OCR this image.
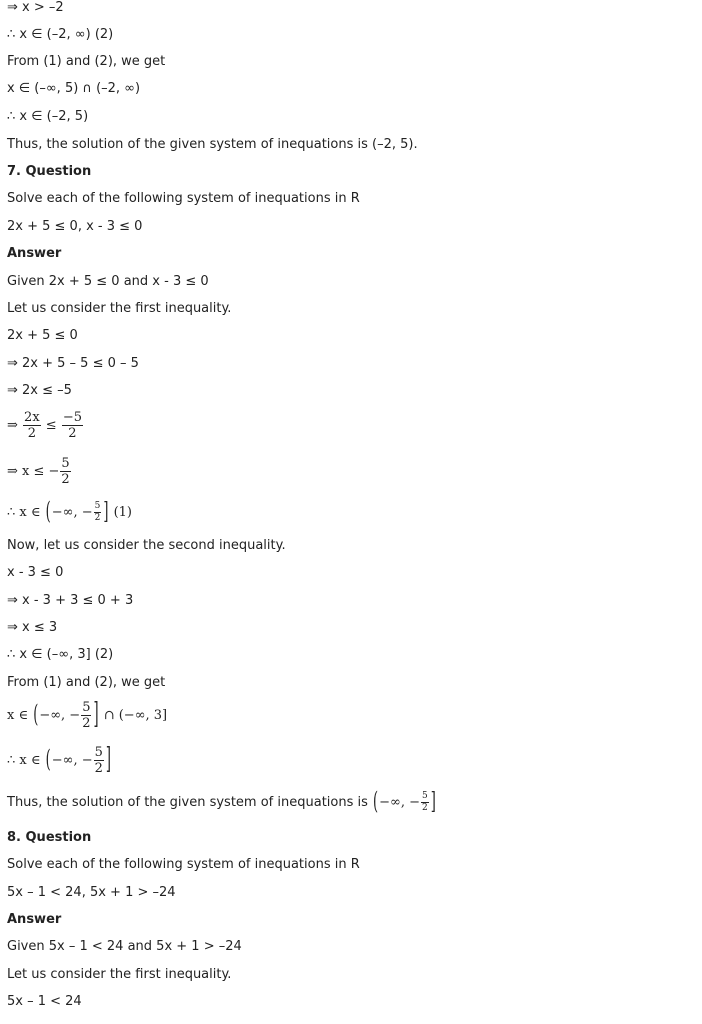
⇒ x > –2
∴ x ∈ (–2, ∞) (2)
From (1) and (2), we get
x ∈ (–∞, 5) ∩ (–2, ∞)
∴ x ∈ (–2, 5)
Thus, the solution of the given system of inequations is (–2, 5).
7. Question
Solve each of the following system of inequations in R
2x + 5 ≤ 0, x - 3 ≤ 0
Answer
Given 2x + 5 ≤ 0 and x - 3 ≤ 0
Let us consider the first inequality.
2x + 5 ≤ 0
⇒ 2x + 5 – 5 ≤ 0 – 5
⇒ 2x ≤ –5
⇒ $\frac{2x}{2} \le \frac{-5}{2}$
⇒ x ≤ − $\frac{5}{2}$
∴ x ∈ (−∞, − $\frac{5}{2}$ ] (1)
Now, let us consider the second inequality.
x - 3 ≤ 0
⇒ x - 3 + 3 ≤ 0 + 3
⇒ x ≤ 3
∴ x ∈ (–∞, 3] (2)
From (1) and (2), we get
x ∈ (−∞, − $\frac{5}{2}$ ] ∩ (−∞, 3]
∴ x ∈ (−∞, − $\frac{5}{2}$ ]
Thus, the solution of the given system of inequations is (−∞, − $\frac{5}{2}$ ]
8. Question
Solve each of the following system of inequations in R
5x – 1 < 24, 5x + 1 > –24
Answer
Given 5x – 1 < 24 and 5x + 1 > –24
Let us consider the first inequality.
5x – 1 < 24
